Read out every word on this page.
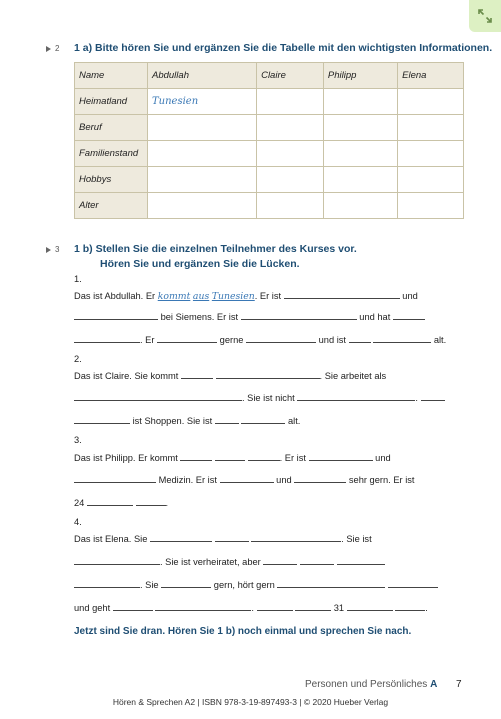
2 1 a) Bitte hören Sie und ergänzen Sie die Tabelle mit den wichtigsten Informationen.
Name	Abdullah	Claire	Philipp	Elena
Heimatland	Tunesien			
Beruf				
Familienstand				
Hobbys				
Alter				
3 1 b) Stellen Sie die einzelnen Teilnehmer des Kurses vor.
Hören Sie und ergänzen Sie die Lücken.
1.
Das ist Abdullah. Er kommt aus Tunesien. Er ist	und
bei Siemens. Er ist	und hat
. Er	gerne	und ist	alt.
2.
Das ist Claire. Sie kommt	. Sie arbeitet als
. Sie ist nicht	.
ist Shoppen. Sie ist	alt.
3.
Das ist Philipp. Er kommt	. Er ist	und
Medizin. Er ist	und	sehr gern. Er ist
24	.
4.
Das ist Elena. Sie	. Sie ist
. Sie ist verheiratet, aber
. Sie	gern, hört gern
und geht	.	31	.
Jetzt sind Sie dran. Hören Sie 1 b) noch einmal und sprechen Sie nach.
Personen und Persönliches A 7
Hören & Sprechen A2 | ISBN 978-3-19-897493-3 | © 2020 Hueber Verlag
